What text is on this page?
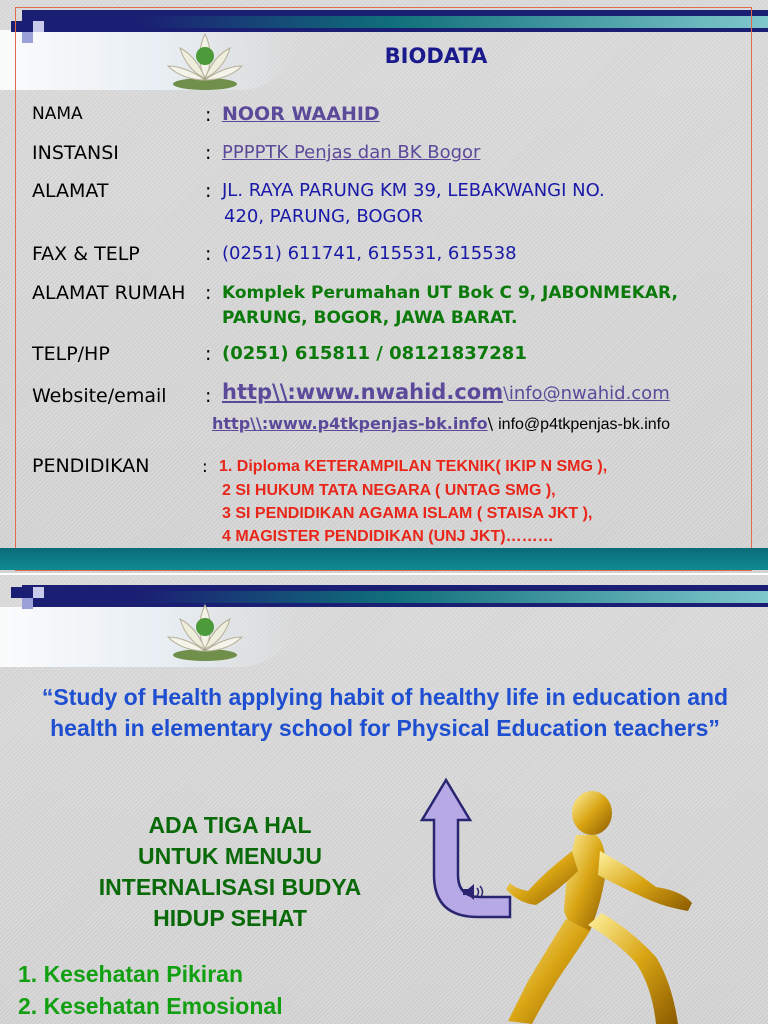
BIODATA
NAMA	: NOOR WAAHID
INSTANSI	: PPPPTK Penjas dan BK Bogor
ALAMAT	: JL. RAYA PARUNG KM 39, LEBAKWANGI NO.
420, PARUNG, BOGOR
FAX & TELP	: (0251) 611741, 615531, 615538
ALAMAT RUMAH : Komplek Perumahan UT Bok C 9, JABONMEKAR,
PARUNG, BOGOR, JAWA BARAT.
TELP/HP	: (0251) 615811 / 08121837281
Website/email : http\\:www.nwahid.com\info@nwahid.com
http\\:www.p4tkpenjas-bk.info\ info@p4tkpenjas-bk.info
PENDIDIKAN	: 1. Diploma KETERAMPILAN TEKNIK( IKIP N SMG ),
2 SI HUKUM TATA NEGARA ( UNTAG SMG ),
3 SI PENDIDIKAN AGAMA ISLAM ( STAISA JKT ),
4 MAGISTER PENDIDIKAN (UNJ JKT)………
“Study of Health applying habit of healthy life in education and health in elementary school for Physical Education teachers”
ADA TIGA HAL
UNTUK MENUJU
INTERNALISASI BUDYA
HIDUP SEHAT
1. Kesehatan Pikiran
2. Kesehatan Emosional
